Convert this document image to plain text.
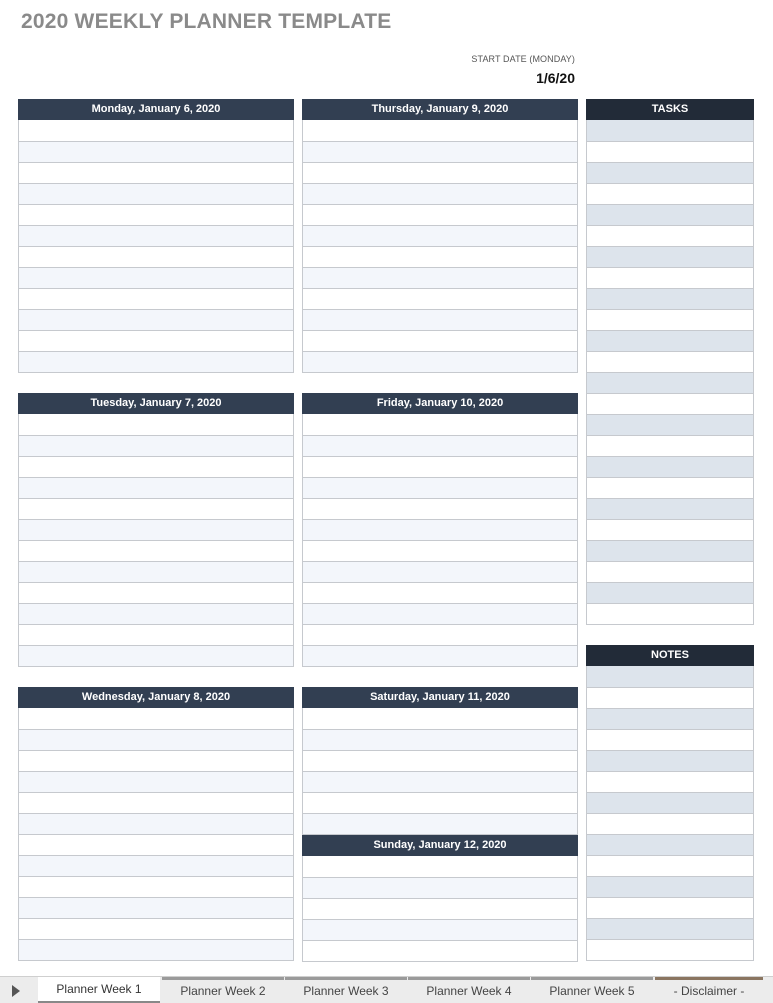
2020 WEEKLY PLANNER TEMPLATE
START DATE (MONDAY)
1/6/20
Monday, January 6, 2020	Thursday, January 9, 2020
Tuesday, January 7, 2020	Friday, January 10, 2020
Wednesday, January 8, 2020	Saturday, January 11, 2020
Sunday, January 12, 2020
TASKS
NOTES
Planner Week 1	Planner Week 2	Planner Week 3	Planner Week 4	Planner Week 5	- Disclaimer -
